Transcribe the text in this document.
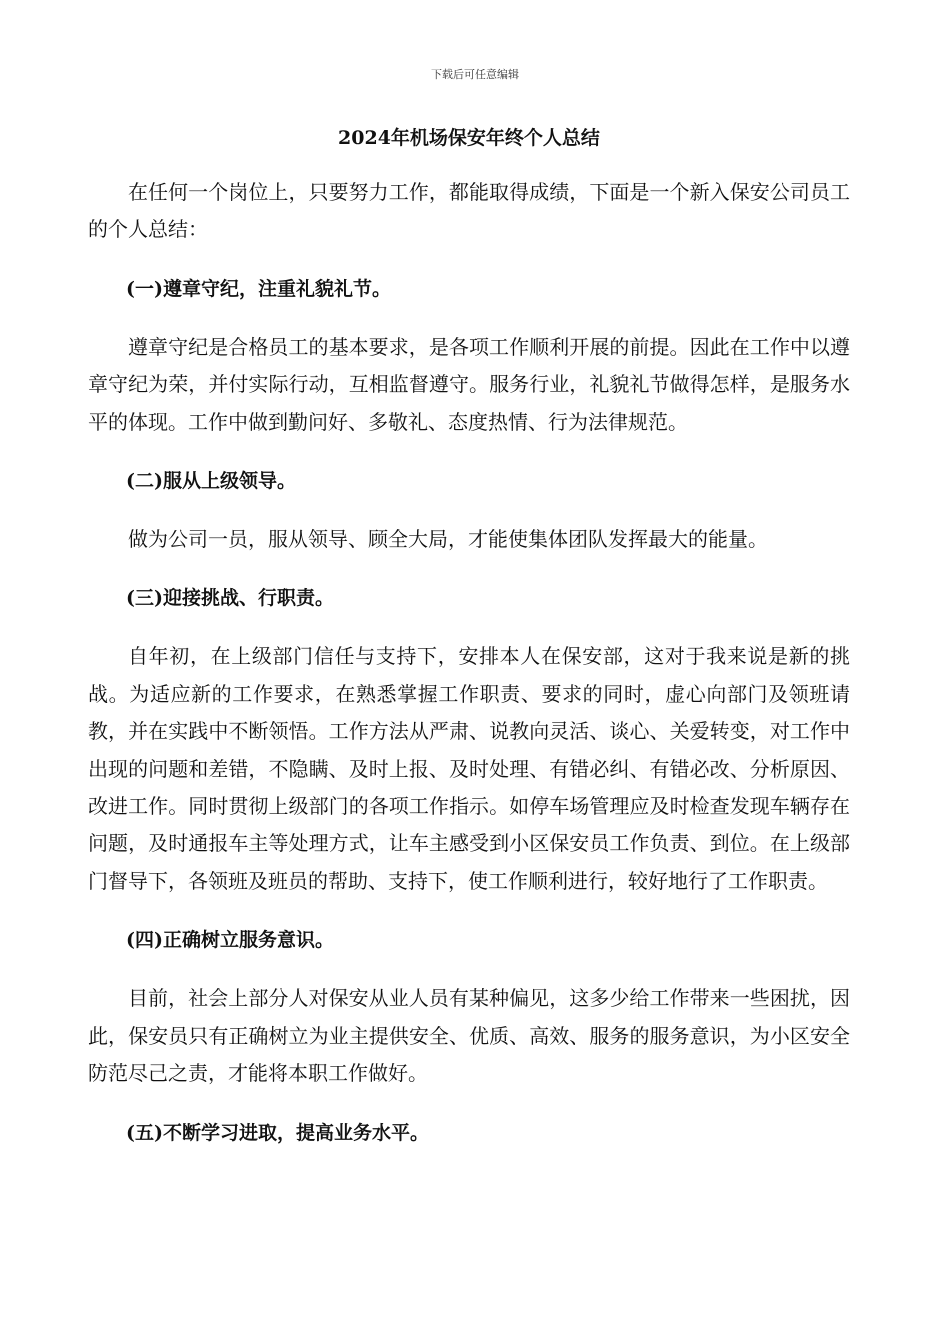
下载后可任意编辑
2024年机场保安年终个人总结

在任何一个岗位上，只要努力工作，都能取得成绩，下面是一个新入保安公司员工的个人总结：

(一)遵章守纪，注重礼貌礼节。

遵章守纪是合格员工的基本要求，是各项工作顺利开展的前提。因此在工作中以遵章守纪为荣，并付实际行动，互相监督遵守。服务行业，礼貌礼节做得怎样，是服务水平的体现。工作中做到勤问好、多敬礼、态度热情、行为法律规范。

(二)服从上级领导。

做为公司一员，服从领导、顾全大局，才能使集体团队发挥最大的能量。

(三)迎接挑战、行职责。

自年初，在上级部门信任与支持下，安排本人在保安部，这对于我来说是新的挑战。为适应新的工作要求，在熟悉掌握工作职责、要求的同时，虚心向部门及领班请教，并在实践中不断领悟。工作方法从严肃、说教向灵活、谈心、关爱转变，对工作中出现的问题和差错，不隐瞒、及时上报、及时处理、有错必纠、有错必改、分析原因、改进工作。同时贯彻上级部门的各项工作指示。如停车场管理应及时检查发现车辆存在问题，及时通报车主等处理方式，让车主感受到小区保安员工作负责、到位。在上级部门督导下，各领班及班员的帮助、支持下，使工作顺利进行，较好地行了工作职责。

(四)正确树立服务意识。

目前，社会上部分人对保安从业人员有某种偏见，这多少给工作带来一些困扰，因此，保安员只有正确树立为业主提供安全、优质、高效、服务的服务意识，为小区安全防范尽己之责，才能将本职工作做好。

(五)不断学习进取，提高业务水平。
